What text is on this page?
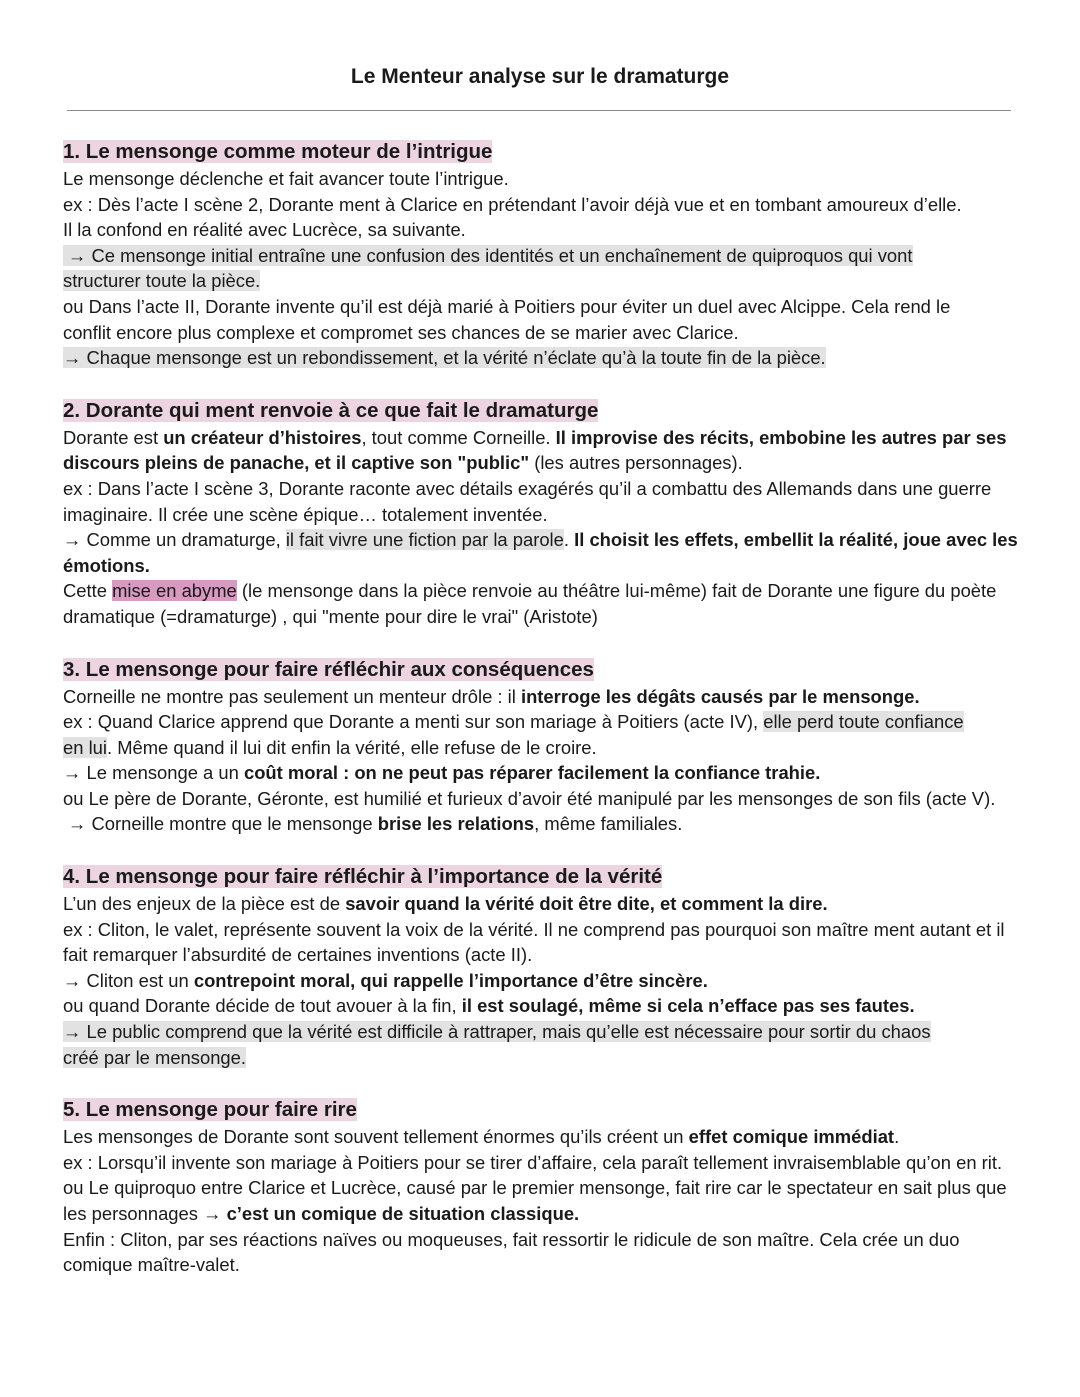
Le Menteur analyse sur le dramaturge
1. Le mensonge comme moteur de l’intrigue

Le mensonge déclenche et fait avancer toute l’intrigue.

ex : Dès l’acte I scène 2, Dorante ment à Clarice en prétendant l’avoir déjà vue et en tombant amoureux d’elle.

Il la confond en réalité avec Lucrèce, sa suivante.

→ Ce mensonge initial entraîne une confusion des identités et un enchaînement de quiproquos qui vont
structurer toute la pièce.

ou Dans l’acte II, Dorante invente qu’il est déjà marié à Poitiers pour éviter un duel avec Alcippe. Cela rend le
conflit encore plus complexe et compromet ses chances de se marier avec Clarice.

→ Chaque mensonge est un rebondissement, et la vérité n’éclate qu’à la toute fin de la pièce.

2. Dorante qui ment renvoie à ce que fait le dramaturge

Dorante est un créateur d’histoires, tout comme Corneille. Il improvise des récits, embobine les autres par ses discours pleins de panache, et il captive son "public" (les autres personnages).

ex : Dans l’acte I scène 3, Dorante raconte avec détails exagérés qu’il a combattu des Allemands dans une guerre imaginaire. Il crée une scène épique… totalement inventée.

→ Comme un dramaturge, il fait vivre une fiction par la parole. Il choisit les effets, embellit la réalité, joue avec les émotions.

Cette mise en abyme (le mensonge dans la pièce renvoie au théâtre lui-même) fait de Dorante une figure du poète dramatique (=dramaturge) , qui "mente pour dire le vrai" (Aristote)

3. Le mensonge pour faire réfléchir aux conséquences

Corneille ne montre pas seulement un menteur drôle : il interroge les dégâts causés par le mensonge.

ex : Quand Clarice apprend que Dorante a menti sur son mariage à Poitiers (acte IV), elle perd toute confiance
en lui. Même quand il lui dit enfin la vérité, elle refuse de le croire.

→ Le mensonge a un coût moral : on ne peut pas réparer facilement la confiance trahie.

ou Le père de Dorante, Géronte, est humilié et furieux d’avoir été manipulé par les mensonges de son fils (acte V).

→ Corneille montre que le mensonge brise les relations, même familiales.

4. Le mensonge pour faire réfléchir à l’importance de la vérité

L’un des enjeux de la pièce est de savoir quand la vérité doit être dite, et comment la dire.

ex : Cliton, le valet, représente souvent la voix de la vérité. Il ne comprend pas pourquoi son maître ment autant et il fait remarquer l’absurdité de certaines inventions (acte II).

→ Cliton est un contrepoint moral, qui rappelle l’importance d’être sincère.

ou quand Dorante décide de tout avouer à la fin, il est soulagé, même si cela n’efface pas ses fautes.

→ Le public comprend que la vérité est difficile à rattraper, mais qu’elle est nécessaire pour sortir du chaos
créé par le mensonge.

5. Le mensonge pour faire rire

Les mensonges de Dorante sont souvent tellement énormes qu’ils créent un effet comique immédiat.

ex : Lorsqu’il invente son mariage à Poitiers pour se tirer d’affaire, cela paraît tellement invraisemblable qu’on en rit.

ou Le quiproquo entre Clarice et Lucrèce, causé par le premier mensonge, fait rire car le spectateur en sait plus que les personnages → c’est un comique de situation classique.

Enfin : Cliton, par ses réactions naïves ou moqueuses, fait ressortir le ridicule de son maître. Cela crée un duo comique maître-valet.
